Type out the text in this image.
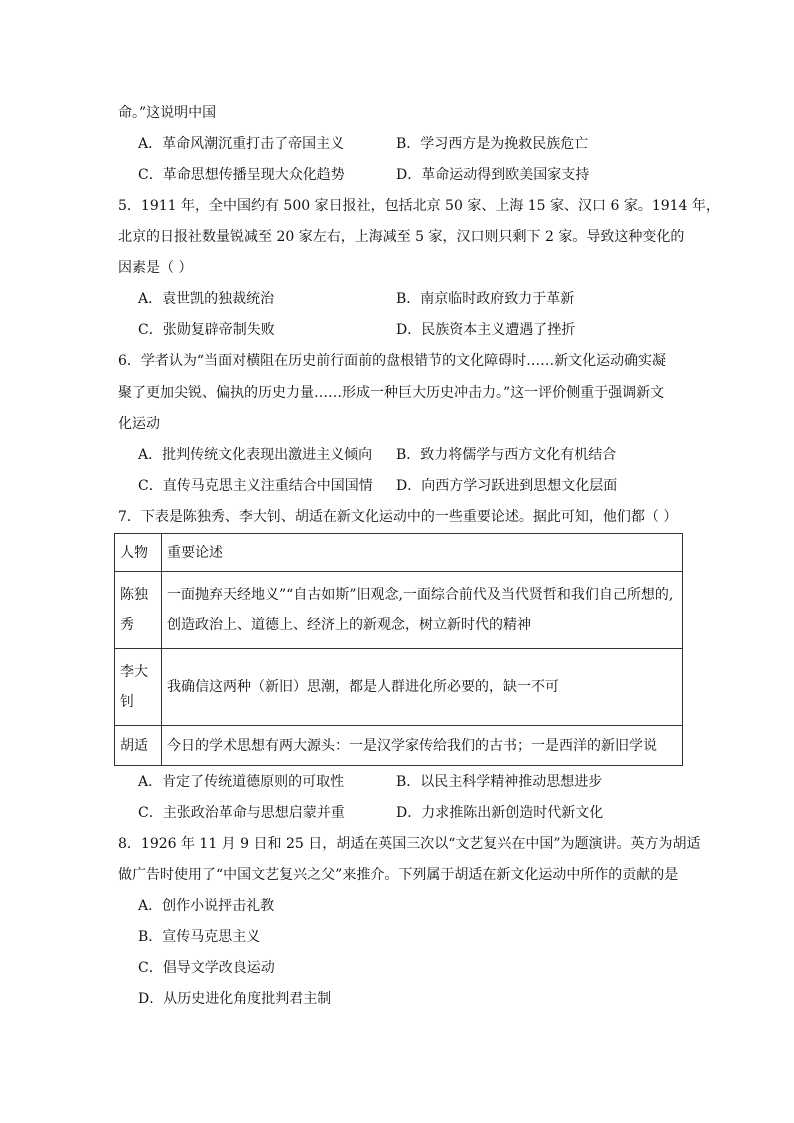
命。”这说明中国
A．革命风潮沉重打击了帝国主义	B．学习西方是为挽救民族危亡
C．革命思想传播呈现大众化趋势	D．革命运动得到欧美国家支持
5．1911 年，全中国约有 500 家日报社，包括北京 50 家、上海 15 家、汉口 6 家。1914 年，
北京的日报社数量锐减至 20 家左右，上海减至 5 家，汉口则只剩下 2 家。导致这种变化的
因素是（ ）
A．袁世凯的独裁统治	B．南京临时政府致力于革新
C．张勋复辟帝制失败	D．民族资本主义遭遇了挫折
6．学者认为“当面对横阻在历史前行面前的盘根错节的文化障碍时……新文化运动确实凝
聚了更加尖锐、偏执的历史力量……形成一种巨大历史冲击力。”这一评价侧重于强调新文
化运动
A．批判传统文化表现出激进主义倾向 B．致力将儒学与西方文化有机结合
C．直传马克思主义注重结合中国国情 D．向西方学习跃进到思想文化层面
7．下表是陈独秀、李大钊、胡适在新文化运动中的一些重要论述。据此可知，他们都（ ）
人物	重要论述
陈独
秀	一面抛弃天经地义”“自古如斯”旧观念,一面综合前代及当代贤哲和我们自己所想的,
创造政治上、道德上、经济上的新观念，树立新时代的精神
李大
钊	我确信这两种（新旧）思潮，都是人群进化所必要的，缺一不可
胡适	今日的学术思想有两大源头：一是汉学家传给我们的古书；一是西洋的新旧学说
A．肯定了传统道德原则的可取性	B．以民主科学精神推动思想进步
C．主张政治革命与思想启蒙并重	D．力求推陈出新创造时代新文化
8．1926 年 11 月 9 日和 25 日，胡适在英国三次以“文艺复兴在中国”为题演讲。英方为胡适
做广告时使用了“中国文艺复兴之父”来推介。下列属于胡适在新文化运动中所作的贡献的是
A．创作小说抨击礼教
B．宣传马克思主义
C．倡导文学改良运动
D．从历史进化角度批判君主制
